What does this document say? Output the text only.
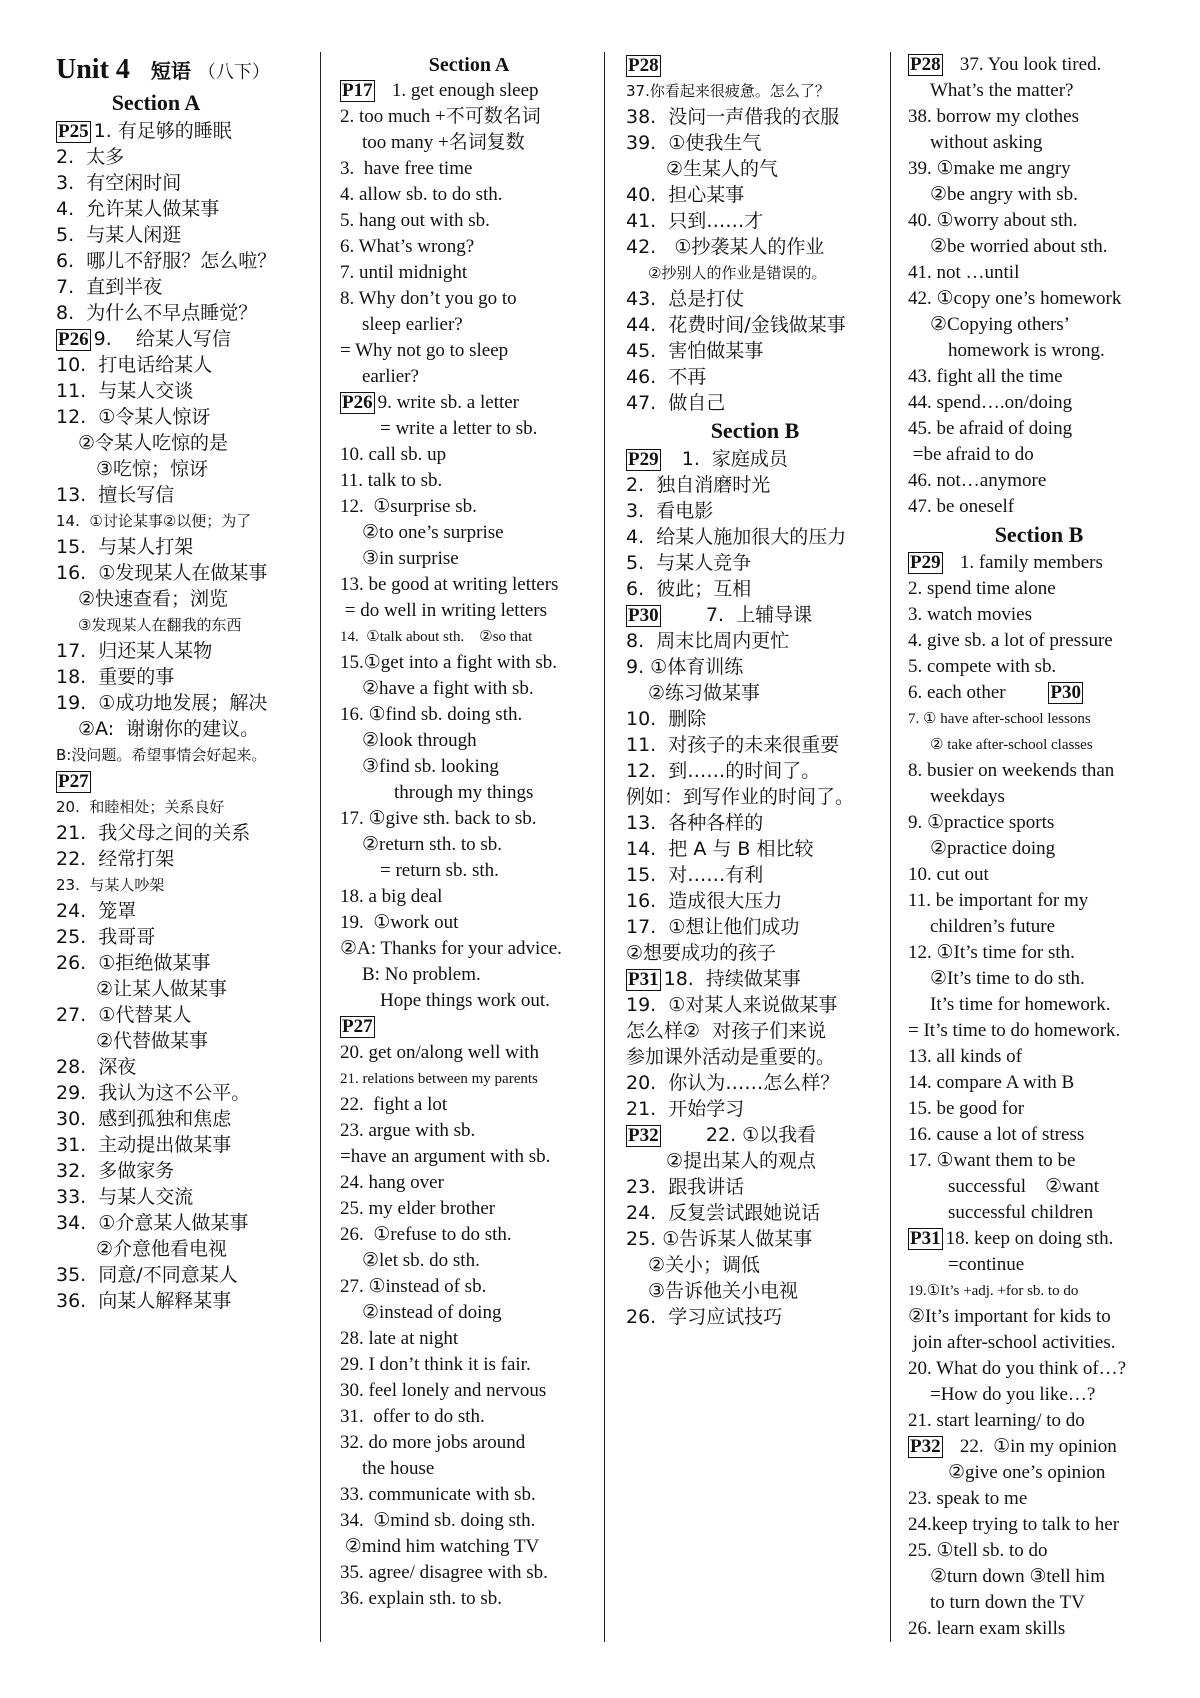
Unit 4 短语 （八下）
Section A
P25 1. 有足够的睡眠
2.  太多
3.  有空闲时间
4.  允许某人做某事
5.  与某人闲逛
6.  哪儿不舒服？怎么啦？
7.  直到半夜
8.  为什么不早点睡觉？
P26 9.    给某人写信
10.  打电话给某人
11.  与某人交谈
12.  ①令某人惊讶
②令某人吃惊的是
③吃惊；惊讶
13.  擅长写信
14.  ①讨论某事②以便；为了
15.  与某人打架
16.  ①发现某人在做某事
②快速查看；浏览
③发现某人在翻我的东西
17.  归还某人某物
18.  重要的事
19.  ①成功地发展；解决
②A:  谢谢你的建议。
B:没问题。希望事情会好起来。
P27
20.  和睦相处；关系良好
21.  我父母之间的关系
22.  经常打架
23.  与某人吵架
24.  笼罩
25.  我哥哥
26.  ①拒绝做某事
②让某人做某事
27.  ①代替某人
②代替做某事
28.  深夜
29.  我认为这不公平。
30.  感到孤独和焦虑
31.  主动提出做某事
32.  多做家务
33.  与某人交流
34.  ①介意某人做某事
②介意他看电视
35.  同意/不同意某人
36.  向某人解释某事
Section A
P17   1. get enough sleep
2. too much +不可数名词
too many +名词复数
3.  have free time
4. allow sb. to do sth.
5. hang out with sb.
6. What’s wrong?
7. until midnight
8. Why don’t you go to
sleep earlier?
= Why not go to sleep
earlier?
P26 9. write sb. a letter
= write a letter to sb.
10. call sb. up
11. talk to sb.
12.  ①surprise sb.
②to one’s surprise
③in surprise
13. be good at writing letters
= do well in writing letters
14.  ①talk about sth.    ②so that
15.①get into a fight with sb.
②have a fight with sb.
16. ①find sb. doing sth.
②look through
③find sb. looking
through my things
17. ①give sth. back to sb.
②return sth. to sb.
= return sb. sth.
18. a big deal
19.  ①work out
②A: Thanks for your advice.
B: No problem.
Hope things work out.
P27
20. get on/along well with
21. relations between my parents
22.  fight a lot
23. argue with sb.
=have an argument with sb.
24. hang over
25. my elder brother
26.  ①refuse to do sth.
②let sb. do sth.
27. ①instead of sb.
②instead of doing
28. late at night
29. I don’t think it is fair.
30. feel lonely and nervous
31.  offer to do sth.
32. do more jobs around
the house
33. communicate with sb.
34.  ①mind sb. doing sth.
②mind him watching TV
35. agree/ disagree with sb.
36. explain sth. to sb.
P28
37.你看起来很疲惫。怎么了？
38.  没问一声借我的衣服
39.  ①使我生气
②生某人的气
40.  担心某事
41.  只到……才
42.   ①抄袭某人的作业
②抄别人的作业是错误的。
43.  总是打仗
44.  花费时间/金钱做某事
45.  害怕做某事
46.  不再
47.  做自己
Section B
P29   1.  家庭成员
2.  独自消磨时光
3.  看电影
4.  给某人施加很大的压力
5.  与某人竞争
6.  彼此；互相
P30       7.  上辅导课
8.  周末比周内更忙
9. ①体育训练
②练习做某事
10.  删除
11.  对孩子的未来很重要
12.  到……的时间了。
例如：到写作业的时间了。
13.  各种各样的
14.  把 A 与 B 相比较
15.  对……有利
16.  造成很大压力
17.  ①想让他们成功
②想要成功的孩子
P31 18.  持续做某事
19.  ①对某人来说做某事
怎么样②  对孩子们来说
参加课外活动是重要的。
20.  你认为……怎么样？
21.  开始学习
P32       22. ①以我看
②提出某人的观点
23.  跟我讲话
24.  反复尝试跟她说话
25. ①告诉某人做某事
②关小；调低
③告诉他关小电视
26.  学习应试技巧
P28   37. You look tired.
What’s the matter?
38. borrow my clothes
without asking
39. ①make me angry
②be angry with sb.
40. ①worry about sth.
②be worried about sth.
41. not …until
42. ①copy one’s homework
②Copying others’
homework is wrong.
43. fight all the time
44. spend….on/doing
45. be afraid of doing
=be afraid to do
46. not…anymore
47. be oneself
Section B
P29   1. family members
2. spend time alone
3. watch movies
4. give sb. a lot of pressure
5. compete with sb.
6. each other         P30
7. ① have after-school lessons
② take after-school classes
8. busier on weekends than
weekdays
9. ①practice sports
②practice doing
10. cut out
11. be important for my
children’s future
12. ①It’s time for sth.
②It’s time to do sth.
It’s time for homework.
= It’s time to do homework.
13. all kinds of
14. compare A with B
15. be good for
16. cause a lot of stress
17. ①want them to be
successful    ②want
successful children
P31 18. keep on doing sth.
=continue
19.①It’s +adj. +for sb. to do
②It’s important for kids to
join after-school activities.
20. What do you think of…?
=How do you like…?
21. start learning/ to do
P32   22.  ①in my opinion
②give one’s opinion
23. speak to me
24.keep trying to talk to her
25. ①tell sb. to do
②turn down ③tell him
to turn down the TV
26. learn exam skills
